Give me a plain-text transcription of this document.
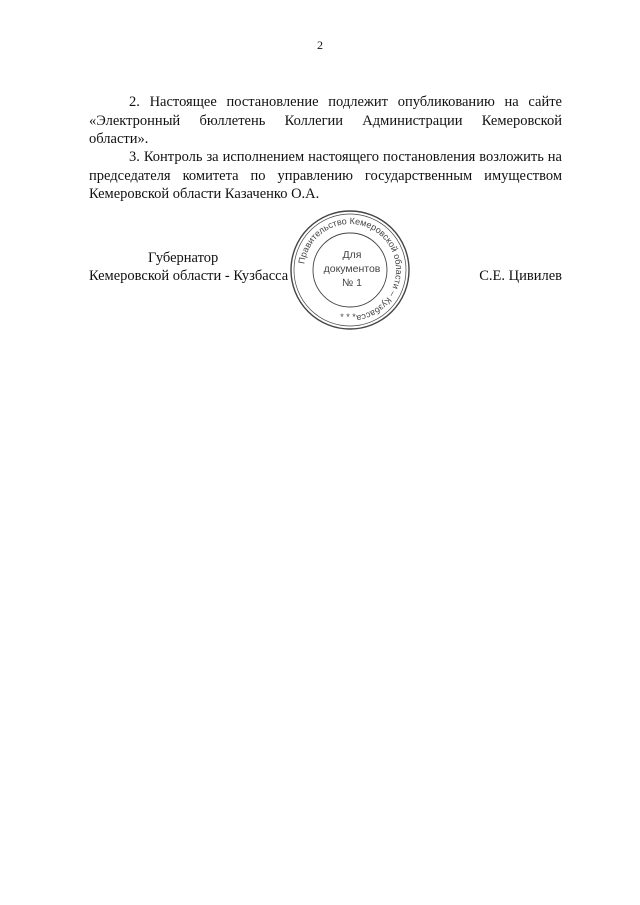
2
2. Настоящее постановление подлежит опубликованию на сайте «Электронный бюллетень Коллегии Администрации Кемеровской области».
3. Контроль за исполнением настоящего постановления возложить на председателя комитета по управлению государственным имуществом Кемеровской области Казаченко О.А.
Губернатор
Кемеровской области - Кузбасса	С.Е. Цивилев
Правительство Кемеровской области – Кузбасса
Для
документов
№ 1
* * *
